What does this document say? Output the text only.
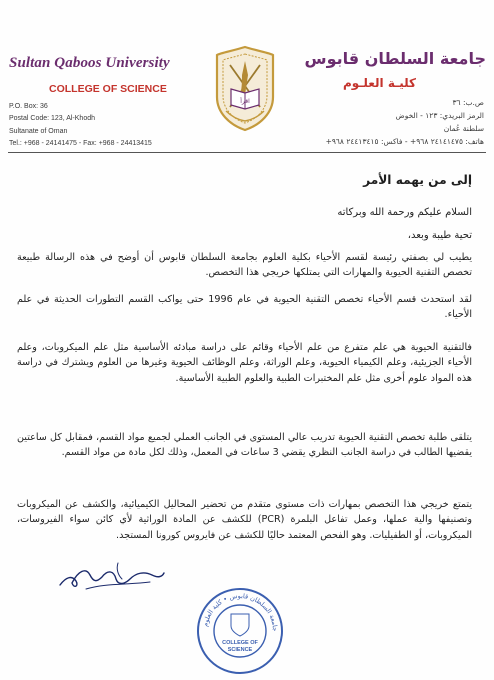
Sultan Qaboos University
COLLEGE OF SCIENCE
P.O. Box: 36
Postal Code: 123, Al-Khodh
Sultanate of Oman
Tel.: +968 - 24141475 - Fax: +968 - 24413415
اقرأ
جامعة السلطان قابوس
كليـة العلـوم
ص.ب: ٣٦
الرمز البريدي: ١٢٣ - الخوض
سلطنة عُمان
هاتف: ٢٤١٤١٤٧٥ ٩٦٨+ - فاكس: ٢٤٤١٣٤١٥ ٩٦٨+
إلى من يهمه الأمر
السلام عليكم ورحمة الله وبركاته
تحية طيبة وبعد،
يطيب لي بصفتي رئيسة لقسم الأحياء بكلية العلوم بجامعة السلطان قابوس أن أوضح في هذه الرسالة طبيعة تخصص التقنية الحيوية والمهارات التي يمتلكها خريجي هذا التخصص.
لقد استحدث قسم الأحياء تخصص التقنية الحيوية في عام 1996 حتى يواكب القسم التطورات الحديثة في علم الأحياء.
فالتقنية الحيوية هي علم متفرع من علم الأحياء وقائم على دراسة مبادئه الأساسية مثل علم الميكروبات، وعلم الأحياء الجزيئية، وعلم الكيمياء الحيوية، وعلم الوراثة، وعلم الوظائف الحيوية وغيرها من العلوم ويشترك في دراسة هذه المواد علوم أخرى مثل علم المختبرات الطبية والعلوم الطبية الأساسية.
يتلقى طلبة تخصص التقنية الحيوية تدريب عالي المستوى في الجانب العملي لجميع مواد القسم، فمقابل كل ساعتين يقضيها الطالب في دراسة الجانب النظري يقضي 3 ساعات في المعمل، وذلك لكل مادة من مواد القسم.
يتمتع خريجي هذا التخصص بمهارات ذات مستوى متقدم من تحضير المحاليل الكيميائية، والكشف عن الميكروبات وتصنيفها والية عملها، وعمل تفاعل البلمرة (PCR) للكشف عن المادة الوراثية لأي كائن سواء الفيروسات، الميكروبات، أو الطفيليات. وهو الفحص المعتمد حاليًا للكشف عن فايروس كورونا المستجد.
جامعة السلطان قابوس • كلية العلوم
COLLEGE OF
SCIENCE
